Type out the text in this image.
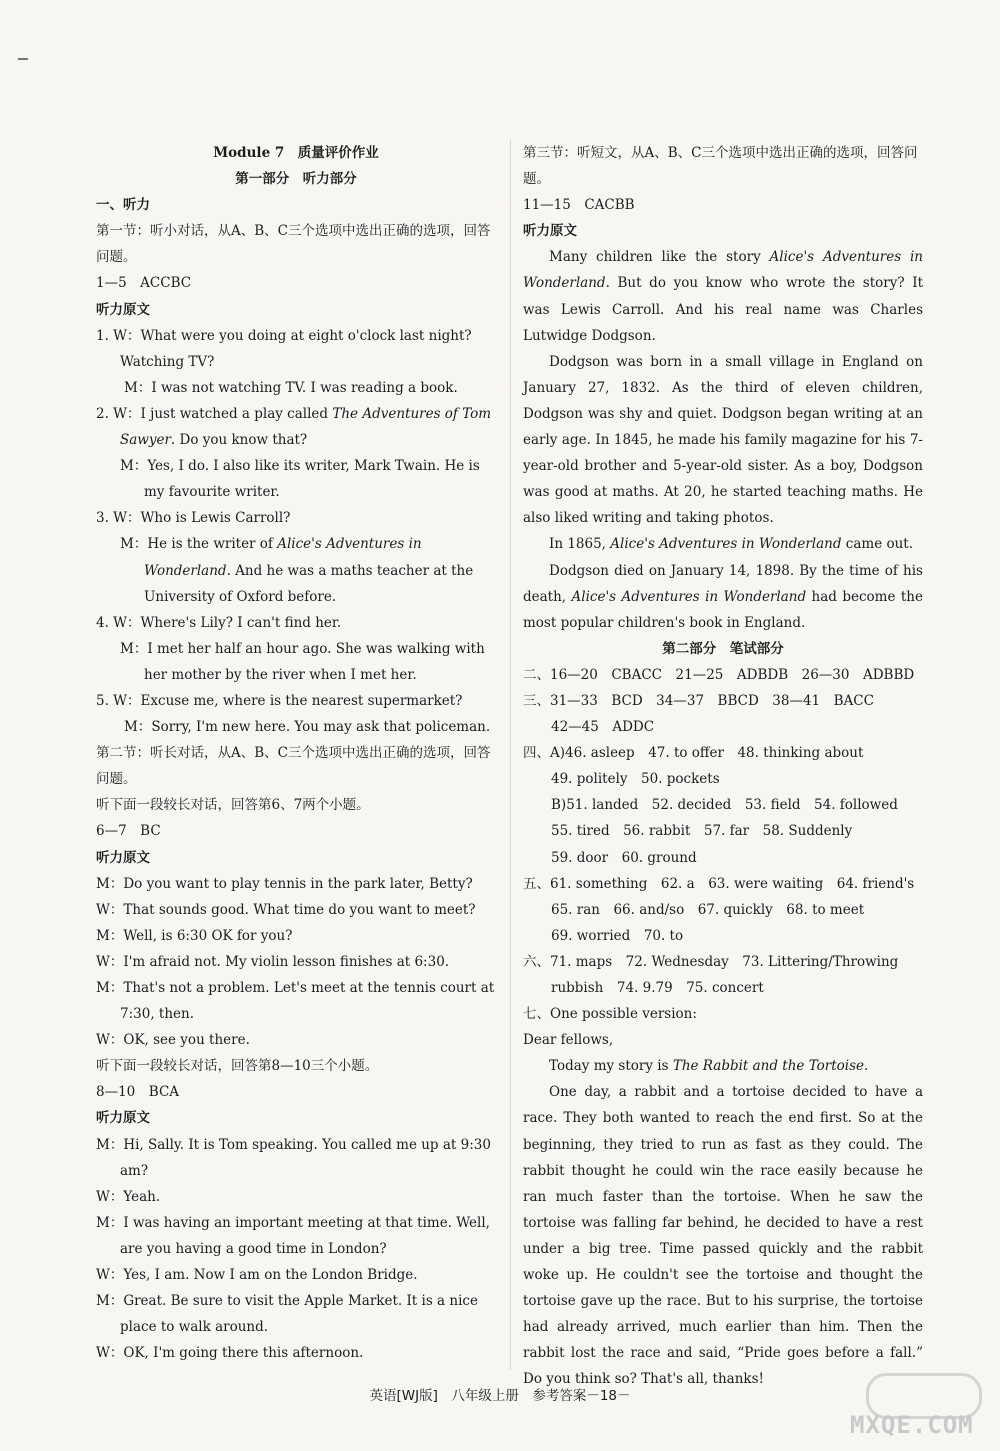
Module 7　质量评价作业

第一部分　听力部分

一、听力

第一节：听小对话，从A、B、C三个选项中选出正确的选项，回答问题。

1—5　ACCBC

听力原文

1. W：What were you doing at eight o'clock last night? Watching TV?

M：I was not watching TV. I was reading a book.

2. W：I just watched a play called The Adventures of Tom Sawyer. Do you know that?

M：Yes, I do. I also like its writer, Mark Twain. He is my favourite writer.

3. W：Who is Lewis Carroll?

M：He is the writer of Alice's Adventures in Wonderland. And he was a maths teacher at the University of Oxford before.

4. W：Where's Lily? I can't find her.

M：I met her half an hour ago. She was walking with her mother by the river when I met her.

5. W：Excuse me, where is the nearest supermarket?

M：Sorry, I'm new here. You may ask that policeman.

第二节：听长对话，从A、B、C三个选项中选出正确的选项，回答问题。

听下面一段较长对话，回答第6、7两个小题。

6—7　BC

听力原文

M：Do you want to play tennis in the park later, Betty?

W：That sounds good. What time do you want to meet?

M：Well, is 6:30 OK for you?

W：I'm afraid not. My violin lesson finishes at 6:30.

M：That's not a problem. Let's meet at the tennis court at 7:30, then.

W：OK, see you there.

听下面一段较长对话，回答第8—10三个小题。

8—10　BCA

听力原文

M：Hi, Sally. It is Tom speaking. You called me up at 9:30 am?

W：Yeah.

M：I was having an important meeting at that time. Well, are you having a good time in London?

W：Yes, I am. Now I am on the London Bridge.

M：Great. Be sure to visit the Apple Market. It is a nice place to walk around.

W：OK, I'm going there this afternoon.

第三节：听短文，从A、B、C三个选项中选出正确的选项，回答问题。

11—15　CACBB

听力原文

Many children like the story Alice's Adventures in Wonderland. But do you know who wrote the story? It was Lewis Carroll. And his real name was Charles Lutwidge Dodgson.

Dodgson was born in a small village in England on January 27, 1832. As the third of eleven children, Dodgson was shy and quiet. Dodgson began writing at an early age. In 1845, he made his family magazine for his 7-year-old brother and 5-year-old sister. As a boy, Dodgson was good at maths. At 20, he started teaching maths. He also liked writing and taking photos.

In 1865, Alice's Adventures in Wonderland came out.

Dodgson died on January 14, 1898. By the time of his death, Alice's Adventures in Wonderland had become the most popular children's book in England.

第二部分　笔试部分

二、16—20　CBACC　21—25　ADBDB　26—30　ADBBD

三、31—33　BCD　34—37　BBCD　38—41　BACC

42—45　ADDC

四、A)46. asleep　47. to offer　48. thinking about

49. politely　50. pockets

B)51. landed　52. decided　53. field　54. followed

55. tired　56. rabbit　57. far　58. Suddenly

59. door　60. ground

五、61. something　62. a　63. were waiting　64. friend's

65. ran　66. and/so　67. quickly　68. to meet

69. worried　70. to

六、71. maps　72. Wednesday　73. Littering/Throwing

rubbish　74. 9.79　75. concert

七、One possible version:

Dear fellows,

Today my story is The Rabbit and the Tortoise.

One day, a rabbit and a tortoise decided to have a race. They both wanted to reach the end first. So at the beginning, they tried to run as fast as they could. The rabbit thought he could win the race easily because he ran much faster than the tortoise. When he saw the tortoise was falling far behind, he decided to have a rest under a big tree. Time passed quickly and the rabbit woke up. He couldn't see the tortoise and thought the tortoise gave up the race. But to his surprise, the tortoise had already arrived, much earlier than him. Then the rabbit lost the race and said, “Pride goes before a fall.” Do you think so? That's all, thanks!

英语[WJ版]　八年级上册　参考答案－18－
MXQE.COM
